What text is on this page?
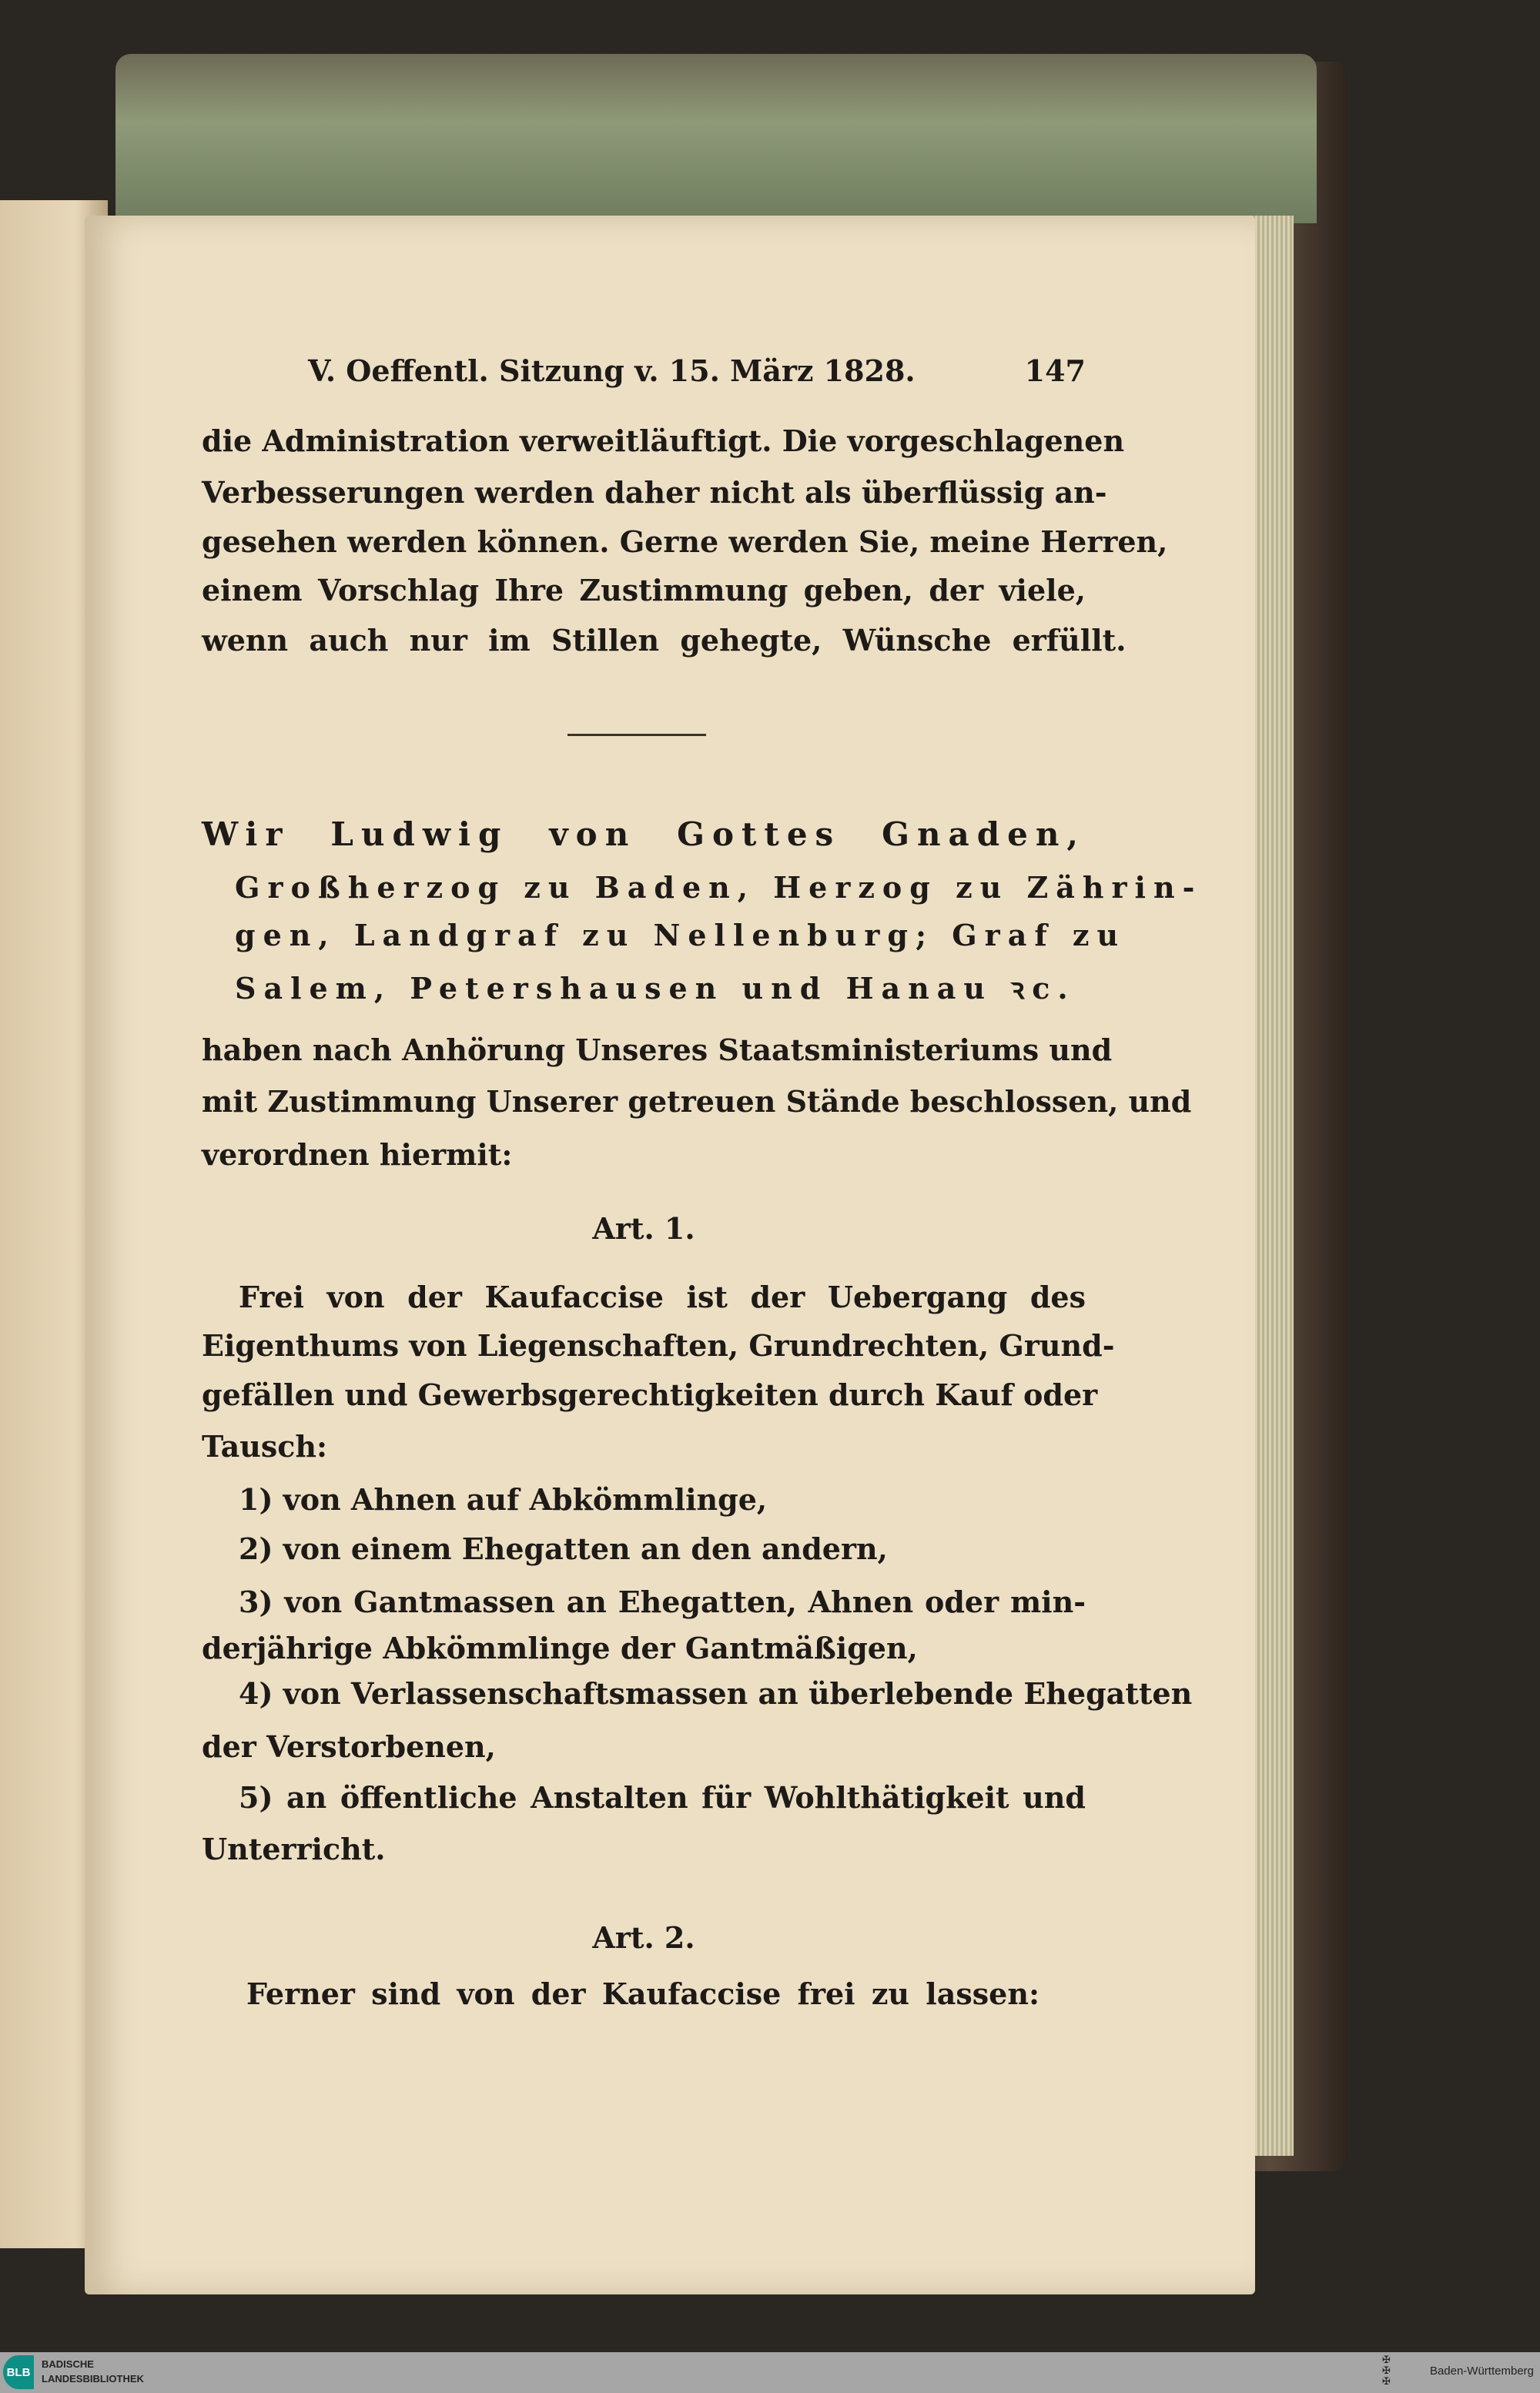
V. Oeffentl. Sitzung v. 15. März 1828.	147
die Administration verweitläuftigt. Die vorgeschlagenen
Verbesserungen werden daher nicht als überflüssig an-
gesehen werden können. Gerne werden Sie, meine Herren,
einem Vorschlag Ihre Zustimmung geben, der viele,
wenn auch nur im Stillen gehegte, Wünsche erfüllt.
Wir Ludwig von Gottes Gnaden,
Großherzog zu Baden, Herzog zu Zährin-
gen, Landgraf zu Nellenburg; Graf zu
Salem, Petershausen und Hanau ꝛc.
haben nach Anhörung Unseres Staatsministeriums und
mit Zustimmung Unserer getreuen Stände beschlossen, und
verordnen hiermit:
Art. 1.
Frei von der Kaufaccise ist der Uebergang des
Eigenthums von Liegenschaften, Grundrechten, Grund-
gefällen und Gewerbsgerechtigkeiten durch Kauf oder
Tausch:
1) von Ahnen auf Abkömmlinge,
2) von einem Ehegatten an den andern,
3) von Gantmassen an Ehegatten, Ahnen oder min-
derjährige Abkömmlinge der Gantmäßigen,
4) von Verlassenschaftsmassen an überlebende Ehegatten
der Verstorbenen,
5) an öffentliche Anstalten für Wohlthätigkeit und
Unterricht.
Art. 2.
Ferner sind von der Kaufaccise frei zu lassen:
BLB
BADISCHE
LANDESBIBLIOTHEK
✠
✠
✠
Baden-Württemberg
